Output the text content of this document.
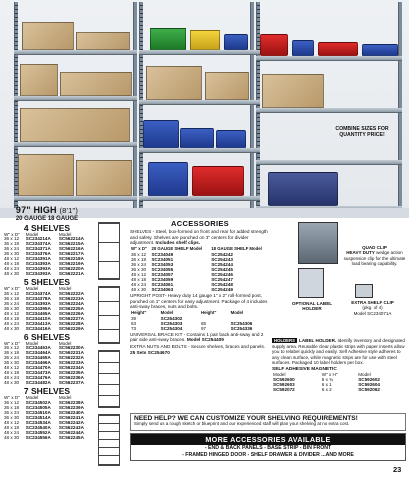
COMBINE SIZES FOR
QUANTITY PRICE!
97" HIGH (8'1")
20 GAUGE 18 GAUGE
4 SHELVES
W" x D"	Model	Model
36 x 12	SC234214A	SC562214A
36 x 18	SC234374A	SC562215A
36 x 24	SC234371A	SC562216A
36 x 30	SC234376A	SC562217A
48 x 12	SC234391A	SC562218A
48 x 18	SC234393A	SC562219A
48 x 24	SC234393A	SC562220A
48 x 30	SC234393A	SC562221A
5 SHELVES
W" x D"	Model	Model
36 x 12	SC234374A	SC562222A
36 x 18	SC234378A	SC562223A
36 x 24	SC234393A	SC562224A
36 x 30	SC234395A	SC562225A
48 x 12	SC234465A	SC562226A
48 x 18	SC234410A	SC562227A
48 x 24	SC234413A	SC562228A
48 x 30	SC234416A	SC562229A
6 SHELVES
W" x D"	Model	Model
36 x 12	SC234463A	SC562230A
36 x 18	SC234464A	SC562231A
36 x 24	SC234465A	SC562232A
36 x 30	SC234466A	SC562233A
48 x 12	SC234470A	SC562234A
48 x 18	SC234473A	SC562235A
48 x 24	SC234476A	SC562236A
48 x 30	SC234482A	SC562237A
7 SHELVES
W" x D"	Model	Model
36 x 12	SC234502A	SC562238A
36 x 18	SC234505A	SC562239A
36 x 24	SC234510A	SC562240A
36 x 30	SC234514A	SC562241A
48 x 12	SC234534A	SC562242A
48 x 18	SC234540A	SC562243A
48 x 24	SC234552A	SC562244A
48 x 30	SC234556A	SC562245A
ACCESSORIES
SHELVES - Steel, box-formed on front and rear for added strength and safety. Shelves are punched on 3" centers for divider adjustment. Includes shelf clips.
W" x D"	20 GAUGE SHELF Model	18 GAUGE SHELF Model
36 x 12	SC234049	SC254242
36 x 18	SC234051	SC254243
36 x 24	SC234053	SC254244
36 x 30	SC234055	SC254245
48 x 12	SC234057	SC254246
48 x 18	SC234059	SC254247
48 x 24	SC234061	SC254248
48 x 30	SC234063	SC254249
UPRIGHT POST- Heavy duty 14 gauge 1" x 2" roll-formed post, punched on 1" centers for easy adjustment. Package of 4 includes anti-sway braces, nuts and bolts.
Height"	Model	Height"	Model
39	SC254302		
63	SC254303	85	SC254306
73	SC254304	97	SC254336
UNIVERSAL BRACE KIT - Contains 1 pair back anti-sway and 2 pair side anti-sway braces. Model SC254409
EXTRA NUTS AND BOLTS - Secure shelves, braces and panels. 25 Sets SC254670
QUAD CLIP
HEAVY DUTY wedge action suspension clip for the ultimate load bearing capability.
OPTIONAL LABEL HOLDER
EXTRA SHELF CLIP
(pkg. of 4)
Model SC234071A
HOLDERS LABEL HOLDER. Identify inventory and designated supply area. Reusable clear plastic strips with paper inserts allow you to relabel quickly and easily. Self Adhesive style adheres to any clean surface, while magnetic strips are for use with steel surfaces. Packaged 10 label holders per box.
SELF ADHESIVE MAGNETIC
Model	W" x H"	Model
SC592600	6 x ¾	SC592602
SC592603	6 x 1	SC592604
SC592072	6 x 2	SC592062
NEED HELP? WE CAN CUSTOMIZE YOUR SHELVING REQUIREMENTS!
Simply send us a rough sketch or blueprint and our experienced staff will plan your shelving at no extra cost.
MORE ACCESSORIES AVAILABLE
- END & BACK PANELS - BASE STRIP - BIN FRONT
- FRAMED HINGED DOOR - SHELF DRAWER & DIVIDER ...AND MORE
23
